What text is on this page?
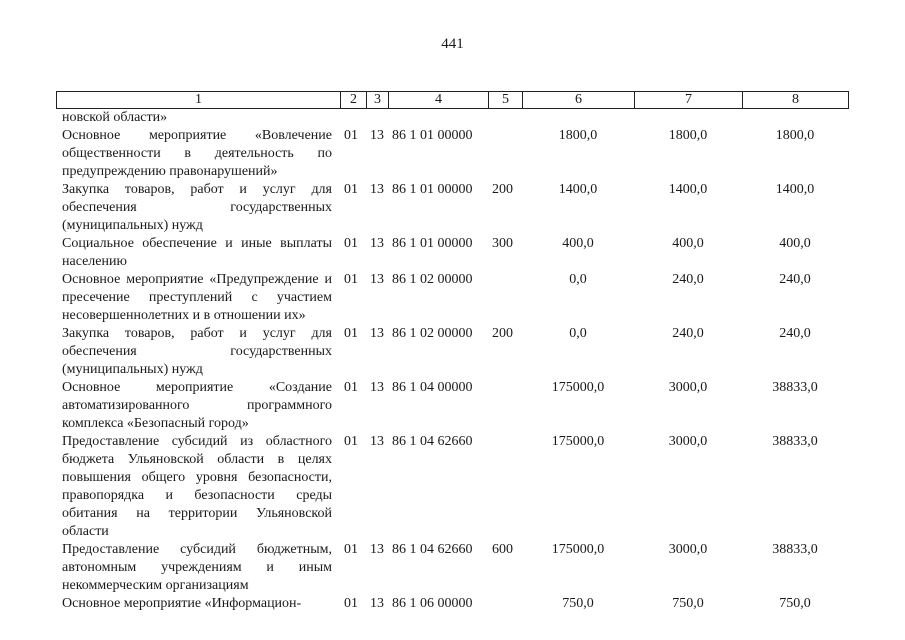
441
1	2	3	4	5	6	7	8
новской области»							
Основное мероприятие «Вовлечение общественности в деятельность по предупреждению правонарушений»	01	13	86 1 01 00000		1800,0	1800,0	1800,0
Закупка товаров, работ и услуг для обеспечения государственных (муниципальных) нужд	01	13	86 1 01 00000	200	1400,0	1400,0	1400,0
Социальное обеспечение и иные выплаты населению	01	13	86 1 01 00000	300	400,0	400,0	400,0
Основное мероприятие «Предупреждение и пресечение преступлений с участием несовершеннолетних и в отношении их»	01	13	86 1 02 00000		0,0	240,0	240,0
Закупка товаров, работ и услуг для обеспечения государственных (муниципальных) нужд	01	13	86 1 02 00000	200	0,0	240,0	240,0
Основное мероприятие «Создание автоматизированного программного комплекса «Безопасный город»	01	13	86 1 04 00000		175000,0	3000,0	38833,0
Предоставление субсидий из областного бюджета Ульяновской области в целях повышения общего уровня безопасности, правопорядка и безопасности среды обитания на территории Ульяновской области	01	13	86 1 04 62660		175000,0	3000,0	38833,0
Предоставление субсидий бюджетным, автономным учреждениям и иным некоммерческим организациям	01	13	86 1 04 62660	600	175000,0	3000,0	38833,0
Основное мероприятие «Информацион-	01	13	86 1 06 00000		750,0	750,0	750,0
